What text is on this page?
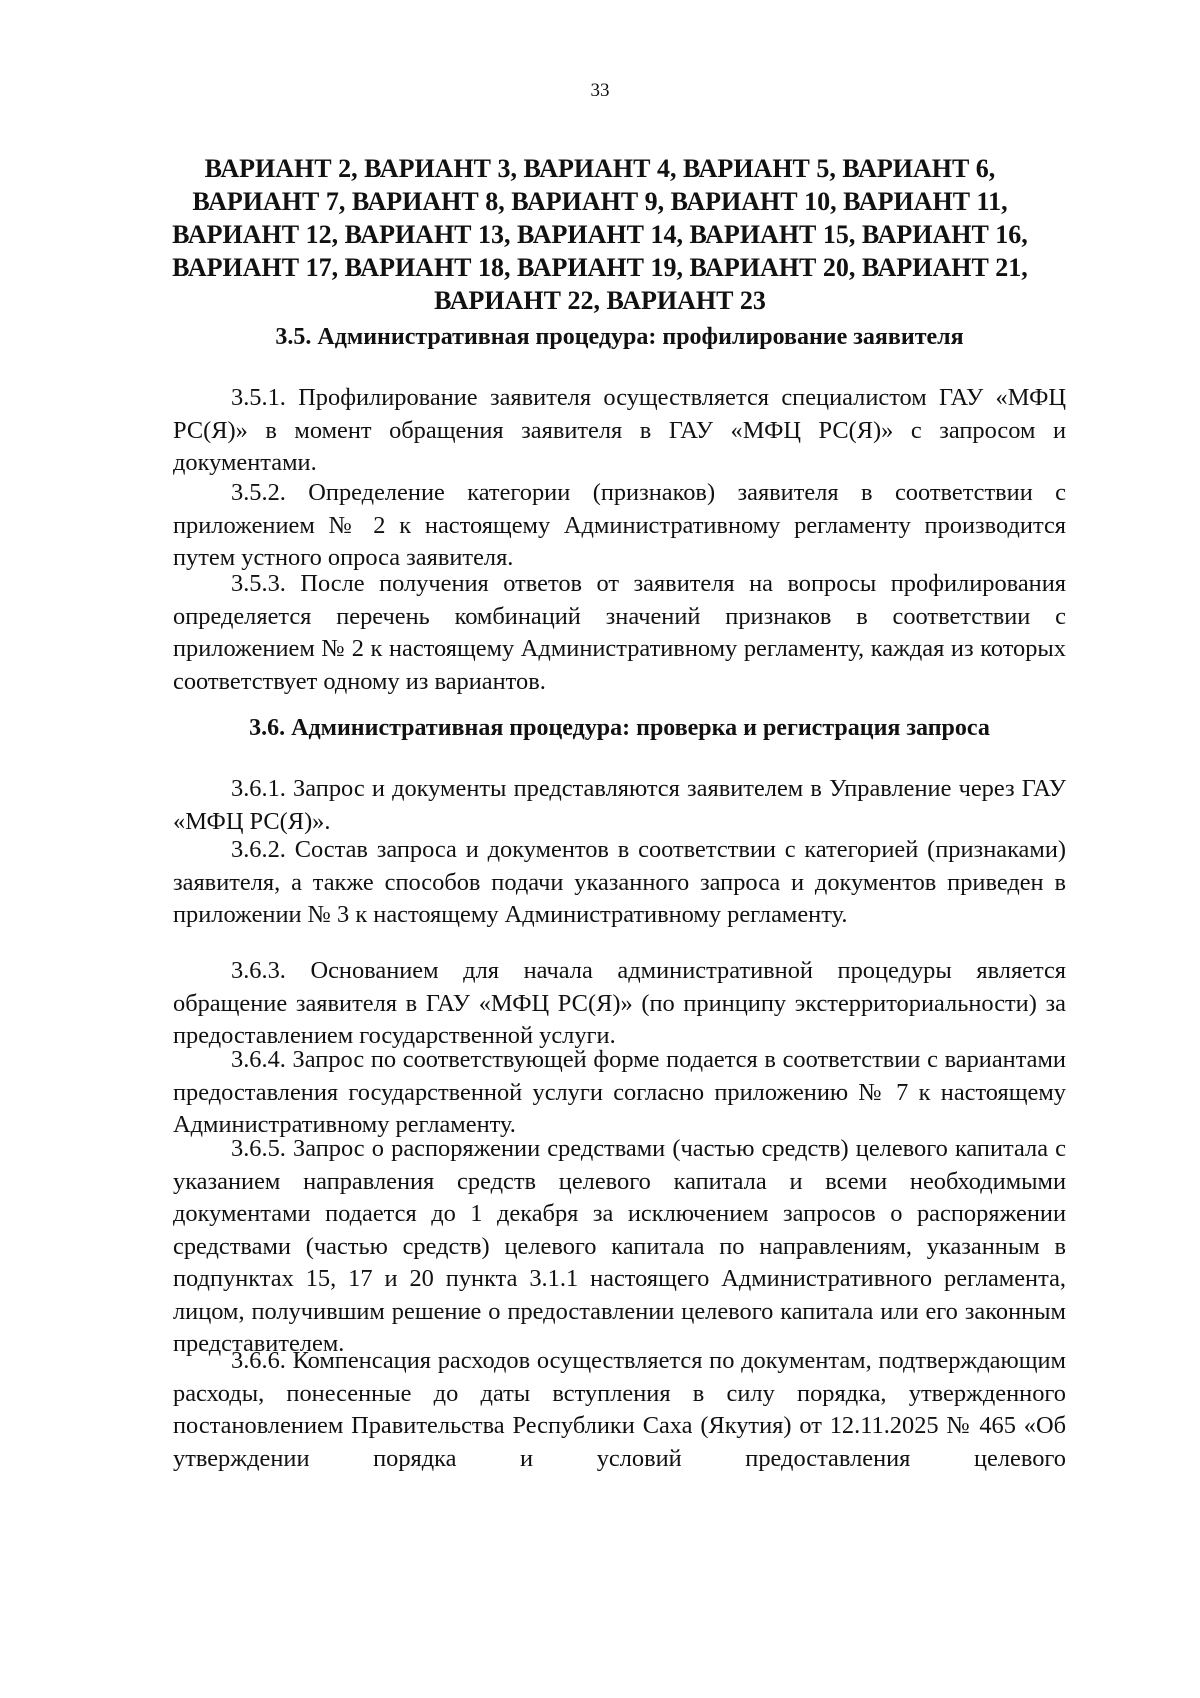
33
ВАРИАНТ 2, ВАРИАНТ 3, ВАРИАНТ 4, ВАРИАНТ 5, ВАРИАНТ 6,
ВАРИАНТ 7, ВАРИАНТ 8, ВАРИАНТ 9, ВАРИАНТ 10, ВАРИАНТ 11,
ВАРИАНТ 12, ВАРИАНТ 13, ВАРИАНТ 14, ВАРИАНТ 15, ВАРИАНТ 16,
ВАРИАНТ 17, ВАРИАНТ 18, ВАРИАНТ 19, ВАРИАНТ 20, ВАРИАНТ 21,
ВАРИАНТ 22, ВАРИАНТ 23
3.5. Административная процедура: профилирование заявителя

3.5.1. Профилирование заявителя осуществляется специалистом ГАУ «МФЦ РС(Я)» в момент обращения заявителя в ГАУ «МФЦ РС(Я)» с запросом и документами.

3.5.2. Определение категории (признаков) заявителя в соответствии с приложением № 2 к настоящему Административному регламенту производится путем устного опроса заявителя.

3.5.3. После получения ответов от заявителя на вопросы профилирования определяется перечень комбинаций значений признаков в соответствии с приложением № 2 к настоящему Административному регламенту, каждая из которых соответствует одному из вариантов.

3.6. Административная процедура: проверка и регистрация запроса

3.6.1. Запрос и документы представляются заявителем в Управление через ГАУ «МФЦ РС(Я)».

3.6.2. Состав запроса и документов в соответствии с категорией (признаками) заявителя, а также способов подачи указанного запроса и документов приведен в приложении № 3 к настоящему Административному регламенту.

3.6.3. Основанием для начала административной процедуры является обращение заявителя в ГАУ «МФЦ РС(Я)» (по принципу экстерриториальности) за предоставлением государственной услуги.

3.6.4. Запрос по соответствующей форме подается в соответствии с вариантами предоставления государственной услуги согласно приложению № 7 к настоящему Административному регламенту.

3.6.5. Запрос о распоряжении средствами (частью средств) целевого капитала с указанием направления средств целевого капитала и всеми необходимыми документами подается до 1 декабря за исключением запросов о распоряжении средствами (частью средств) целевого капитала по направлениям, указанным в подпунктах 15, 17 и 20 пункта 3.1.1 настоящего Административного регламента, лицом, получившим решение о предоставлении целевого капитала или его законным представителем.

3.6.6. Компенсация расходов осуществляется по документам, подтверждающим расходы, понесенные до даты вступления в силу порядка, утвержденного постановлением Правительства Республики Саха (Якутия) от 12.11.2025 № 465 «Об утверждении порядка и условий предоставления целевого
